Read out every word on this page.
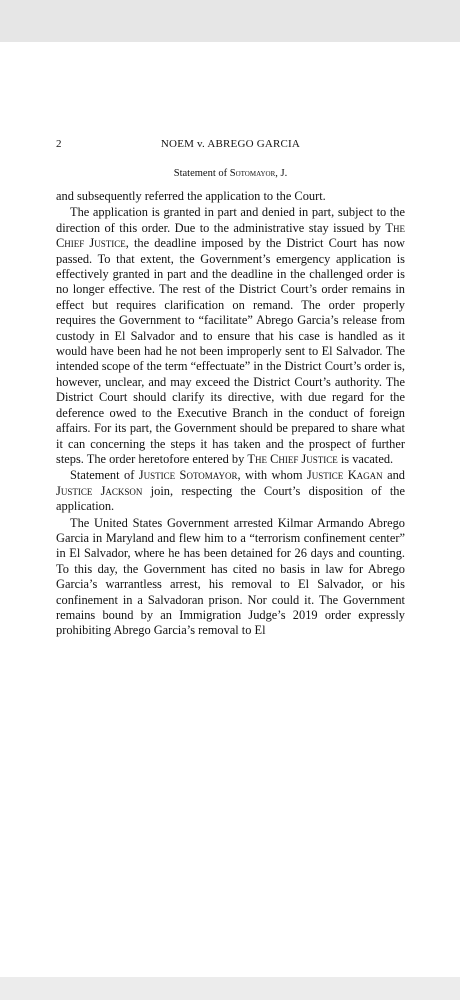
2	NOEM v. ABREGO GARCIA
Statement of Sotomayor, J.

and subsequently referred the application to the Court.

The application is granted in part and denied in part, subject to the direction of this order. Due to the administrative stay issued by The Chief Justice, the deadline imposed by the District Court has now passed. To that extent, the Government’s emergency application is effectively granted in part and the deadline in the challenged order is no longer effective. The rest of the District Court’s order remains in effect but requires clarification on remand. The order properly requires the Government to “facilitate” Abrego Garcia’s release from custody in El Salvador and to ensure that his case is handled as it would have been had he not been improperly sent to El Salvador. The intended scope of the term “effectuate” in the District Court’s order is, however, unclear, and may exceed the District Court’s authority. The District Court should clarify its directive, with due regard for the deference owed to the Executive Branch in the conduct of foreign affairs. For its part, the Government should be prepared to share what it can concerning the steps it has taken and the prospect of further steps. The order heretofore entered by The Chief Justice is vacated.

Statement of Justice Sotomayor, with whom Justice Kagan and Justice Jackson join, respecting the Court’s disposition of the application.

The United States Government arrested Kilmar Armando Abrego Garcia in Maryland and flew him to a “terrorism confinement center” in El Salvador, where he has been detained for 26 days and counting. To this day, the Government has cited no basis in law for Abrego Garcia’s warrantless arrest, his removal to El Salvador, or his confinement in a Salvadoran prison. Nor could it. The Government remains bound by an Immigration Judge’s 2019 order expressly prohibiting Abrego Garcia’s removal to El
